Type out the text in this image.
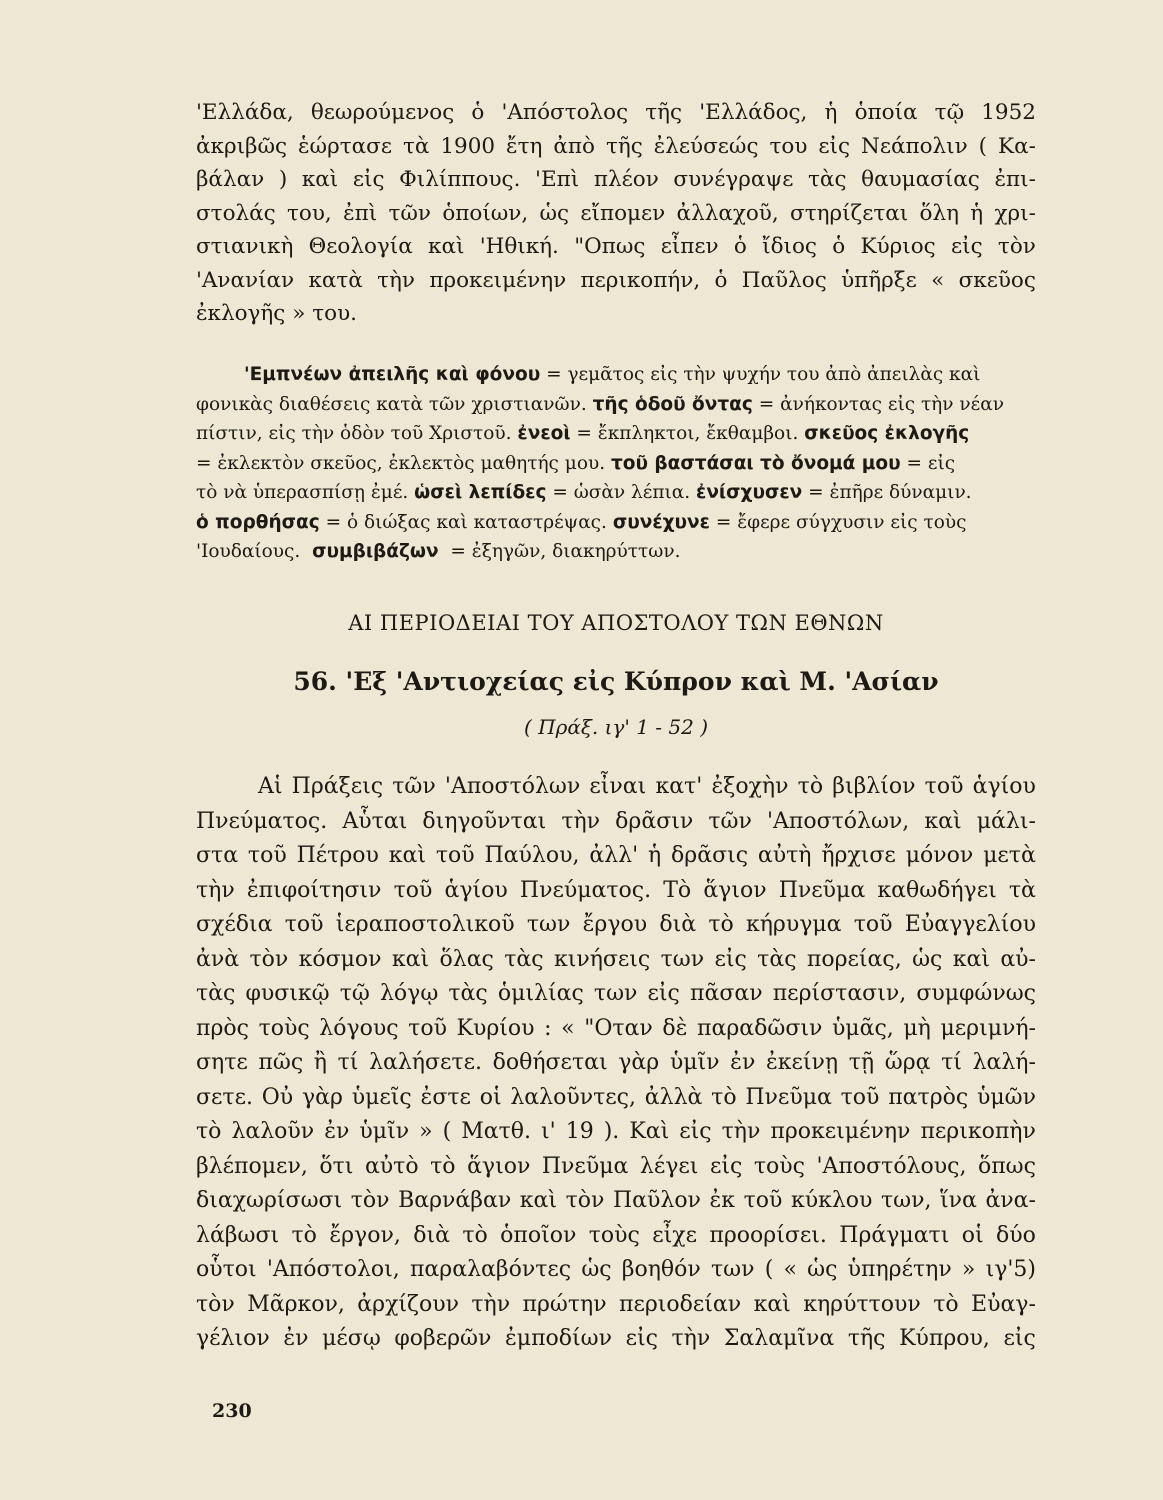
'Ελλάδα, θεωρούμενος ὁ 'Απόστολος τῆς 'Ελλάδος, ἡ ὁποία τῷ 1952
ἀκριβῶς ἑώρτασε τὰ 1900 ἔτη ἀπὸ τῆς ἐλεύσεώς του εἰς Νεάπολιν ( Κα-
βάλαν ) καὶ εἰς Φιλίππους. 'Επὶ πλέον συνέγραψε τὰς θαυμασίας ἐπι-
στολάς του, ἐπὶ τῶν ὁποίων, ὡς εἴπομεν ἀλλαχοῦ, στηρίζεται ὅλη ἡ χρι-
στιανικὴ Θεολογία καὶ 'Ηθική. "Οπως εἶπεν ὁ ἴδιος ὁ Κύριος εἰς τὸν
'Ανανίαν κατὰ τὴν προκειμένην περικοπήν, ὁ Παῦλος ὑπῆρξε « σκεῦος
ἐκλογῆς » του.
'Εμπνέων ἀπειλῆς καὶ φόνου = γεμᾶτος εἰς τὴν ψυχήν του ἀπὸ ἀπειλὰς καὶ
φονικὰς διαθέσεις κατὰ τῶν χριστιανῶν. τῆς ὁδοῦ ὄντας = ἀνήκοντας εἰς τὴν νέαν
πίστιν, εἰς τὴν ὁδὸν τοῦ Χριστοῦ. ἐνεοὶ = ἔκπληκτοι, ἔκθαμβοι. σκεῦος ἐκλογῆς
= ἐκλεκτὸν σκεῦος, ἐκλεκτὸς μαθητής μου. τοῦ βαστάσαι τὸ ὄνομά μου = εἰς
τὸ νὰ ὑπερασπίσῃ ἐμέ. ὡσεὶ λεπίδες = ὡσὰν λέπια. ἐνίσχυσεν = ἐπῆρε δύναμιν.
ὁ πορθήσας = ὁ διώξας καὶ καταστρέψας. συνέχυνε = ἔφερε σύγχυσιν εἰς τοὺς
'Ιουδαίους. συμβιβάζων = ἐξηγῶν, διακηρύττων.
ΑΙ ΠΕΡΙΟΔΕΙΑΙ ΤΟΥ ΑΠΟΣΤΟΛΟΥ ΤΩΝ ΕΘΝΩΝ
56. 'Εξ 'Αντιοχείας εἰς Κύπρον καὶ Μ. 'Ασίαν
( Πράξ. ιγ' 1 - 52 )
Αἱ Πράξεις τῶν 'Αποστόλων εἶναι κατ' ἐξοχὴν τὸ βιβλίον τοῦ ἁγίου
Πνεύματος. Αὗται διηγοῦνται τὴν δρᾶσιν τῶν 'Αποστόλων, καὶ μάλι-
στα τοῦ Πέτρου καὶ τοῦ Παύλου, ἀλλ' ἡ δρᾶσις αὐτὴ ἤρχισε μόνον μετὰ
τὴν ἐπιφοίτησιν τοῦ ἁγίου Πνεύματος. Τὸ ἅγιον Πνεῦμα καθωδήγει τὰ
σχέδια τοῦ ἱεραποστολικοῦ των ἔργου διὰ τὸ κήρυγμα τοῦ Εὐαγγελίου
ἀνὰ τὸν κόσμον καὶ ὅλας τὰς κινήσεις των εἰς τὰς πορείας, ὡς καὶ αὐ-
τὰς φυσικῷ τῷ λόγῳ τὰς ὁμιλίας των εἰς πᾶσαν περίστασιν, συμφώνως
πρὸς τοὺς λόγους τοῦ Κυρίου : « "Οταν δὲ παραδῶσιν ὑμᾶς, μὴ μεριμνή-
σητε πῶς ἢ τί λαλήσετε. δοθήσεται γὰρ ὑμῖν ἐν ἐκείνῃ τῇ ὥρᾳ τί λαλή-
σετε. Οὐ γὰρ ὑμεῖς ἐστε οἱ λαλοῦντες, ἀλλὰ τὸ Πνεῦμα τοῦ πατρὸς ὑμῶν
τὸ λαλοῦν ἐν ὑμῖν » ( Ματθ. ι' 19 ). Καὶ εἰς τὴν προκειμένην περικοπὴν
βλέπομεν, ὅτι αὐτὸ τὸ ἅγιον Πνεῦμα λέγει εἰς τοὺς 'Αποστόλους, ὅπως
διαχωρίσωσι τὸν Βαρνάβαν καὶ τὸν Παῦλον ἐκ τοῦ κύκλου των, ἵνα ἀνα-
λάβωσι τὸ ἔργον, διὰ τὸ ὁποῖον τοὺς εἶχε προορίσει. Πράγματι οἱ δύο
οὗτοι 'Απόστολοι, παραλαβόντες ὡς βοηθόν των ( « ὡς ὑπηρέτην » ιγ'5)
τὸν Μᾶρκον, ἀρχίζουν τὴν πρώτην περιοδείαν καὶ κηρύττουν τὸ Εὐαγ-
γέλιον ἐν μέσῳ φοβερῶν ἐμποδίων εἰς τὴν Σαλαμῖνα τῆς Κύπρου, εἰς
230
